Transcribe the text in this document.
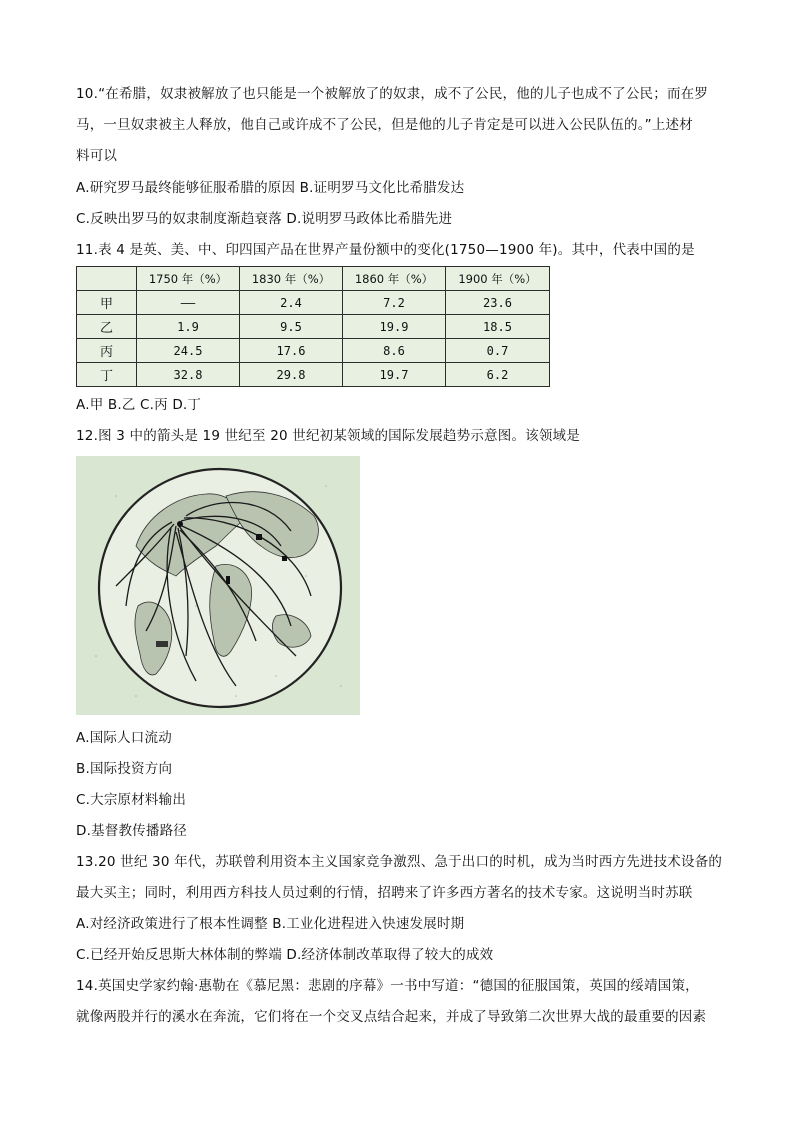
10.“在希腊，奴隶被解放了也只能是一个被解放了的奴隶，成不了公民，他的儿子也成不了公民；而在罗
马，一旦奴隶被主人释放，他自己或许成不了公民，但是他的儿子肯定是可以进入公民队伍的。”上述材
料可以
A.研究罗马最终能够征服希腊的原因 B.证明罗马文化比希腊发达
C.反映出罗马的奴隶制度渐趋衰落 D.说明罗马政体比希腊先进
11.表 4 是英、美、中、印四国产品在世界产量份额中的变化(1750—1900 年)。其中，代表中国的是
	1750 年（%）	1830 年（%）	1860 年（%）	1900 年（%）
甲	——	2.4	7.2	23.6
乙	1.9	9.5	19.9	18.5
丙	24.5	17.6	8.6	0.7
丁	32.8	29.8	19.7	6.2
A.甲 B.乙 C.丙 D.丁
12.图 3 中的箭头是 19 世纪至 20 世纪初某领域的国际发展趋势示意图。该领域是
A.国际人口流动
B.国际投资方向
C.大宗原材料输出
D.基督教传播路径
13.20 世纪 30 年代，苏联曾利用资本主义国家竞争激烈、急于出口的时机，成为当时西方先进技术设备的
最大买主；同时，利用西方科技人员过剩的行情，招聘来了许多西方著名的技术专家。这说明当时苏联
A.对经济政策进行了根本性调整 B.工业化进程进入快速发展时期
C.已经开始反思斯大林体制的弊端 D.经济体制改革取得了较大的成效
14.英国史学家约翰·惠勒在《慕尼黑：悲剧的序幕》一书中写道：“德国的征服国策，英国的绥靖国策，
就像两股并行的溪水在奔流，它们将在一个交叉点结合起来，并成了导致第二次世界大战的最重要的因素
